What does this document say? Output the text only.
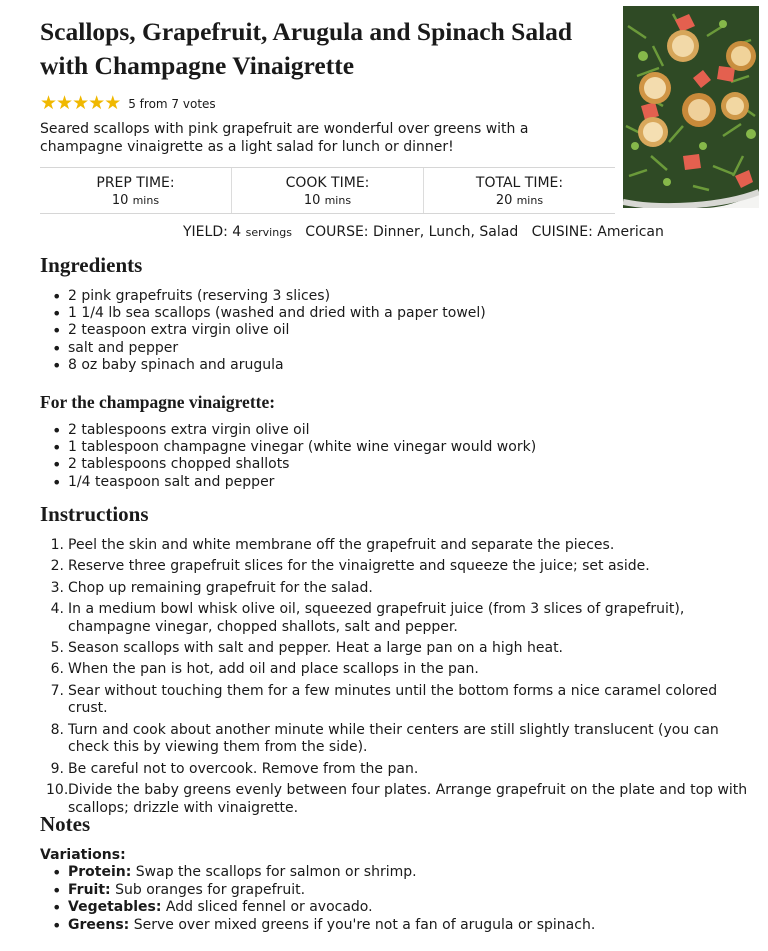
Scallops, Grapefruit, Arugula and Spinach Salad with Champagne Vinaigrette
★ ★ ★ ★ ★ 5 from 7 votes

Seared scallops with pink grapefruit are wonderful over greens with a champagne vinaigrette as a light salad for lunch or dinner!

PREP TIME:
10 mins
COOK TIME:
10 mins
TOTAL TIME:
20 mins
YIELD: 4 servings COURSE: Dinner, Lunch, Salad CUISINE: American
Ingredients
• 2 pink grapefruits (reserving 3 slices)
• 1 1/4 lb sea scallops (washed and dried with a paper towel)
• 2 teaspoon extra virgin olive oil
• salt and pepper
• 8 oz baby spinach and arugula
For the champagne vinaigrette:
• 2 tablespoons extra virgin olive oil
• 1 tablespoon champagne vinegar (white wine vinegar would work)
• 2 tablespoons chopped shallots
• 1/4 teaspoon salt and pepper
Instructions
1. Peel the skin and white membrane off the grapefruit and separate the pieces.
2. Reserve three grapefruit slices for the vinaigrette and squeeze the juice; set aside.
3. Chop up remaining grapefruit for the salad.
4. In a medium bowl whisk olive oil, squeezed grapefruit juice (from 3 slices of grapefruit), champagne vinegar, chopped shallots, salt and pepper.
5. Season scallops with salt and pepper. Heat a large pan on a high heat.
6. When the pan is hot, add oil and place scallops in the pan.
7. Sear without touching them for a few minutes until the bottom forms a nice caramel colored crust.
8. Turn and cook about another minute while their centers are still slightly translucent (you can check this by viewing them from the side).
9. Be careful not to overcook. Remove from the pan.
10. Divide the baby greens evenly between four plates. Arrange grapefruit on the plate and top with scallops; drizzle with vinaigrette.
Notes
Variations:
• Protein: Swap the scallops for salmon or shrimp.
• Fruit: Sub oranges for grapefruit.
• Vegetables: Add sliced fennel or avocado.
• Greens: Serve over mixed greens if you're not a fan of arugula or spinach.
